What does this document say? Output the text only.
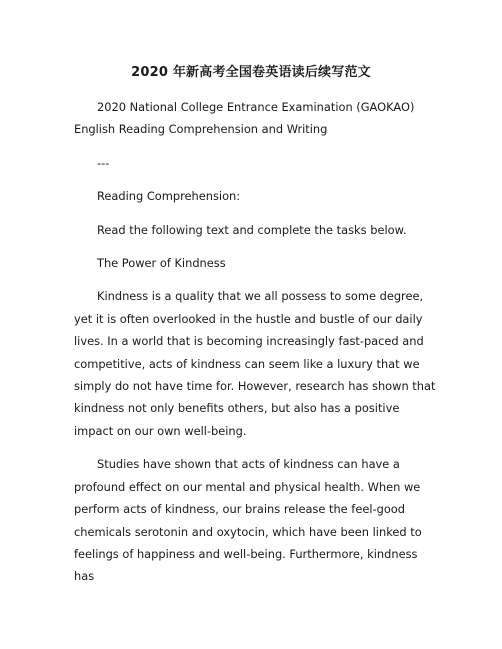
2020 年新高考全国卷英语读后续写范文

2020 National College Entrance Examination (GAOKAO) English Reading Comprehension and Writing

---

Reading Comprehension:

Read the following text and complete the tasks below.

The Power of Kindness

Kindness is a quality that we all possess to some degree, yet it is often overlooked in the hustle and bustle of our daily lives. In a world that is becoming increasingly fast-paced and competitive, acts of kindness can seem like a luxury that we simply do not have time for. However, research has shown that kindness not only benefits others, but also has a positive impact on our own well-being.

Studies have shown that acts of kindness can have a profound effect on our mental and physical health. When we perform acts of kindness, our brains release the feel-good chemicals serotonin and oxytocin, which have been linked to feelings of happiness and well-being. Furthermore, kindness has
